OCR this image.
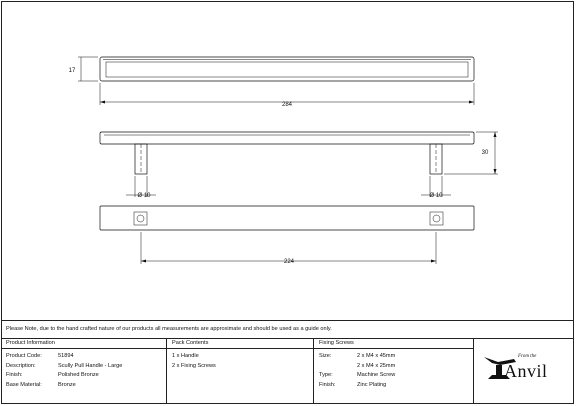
17
284
30
Ø 10	Ø 10
224
Please Note, due to the hand crafted nature of our products all measurements are approximate and should be used as a guide only.
Product Information
Product Code:	51894
Description:	Scully Pull Handle - Large
Finish:	Polished Bronze
Base Material:	Bronze
Pack Contents
1 x Handle
2 x Fixing Screws
Fixing Screws
Size:	2 x M4 x 45mm
2 x M4 x 25mm
Type:	Machine Screw
Finish:	Zinc Plating
From the
Anvil
